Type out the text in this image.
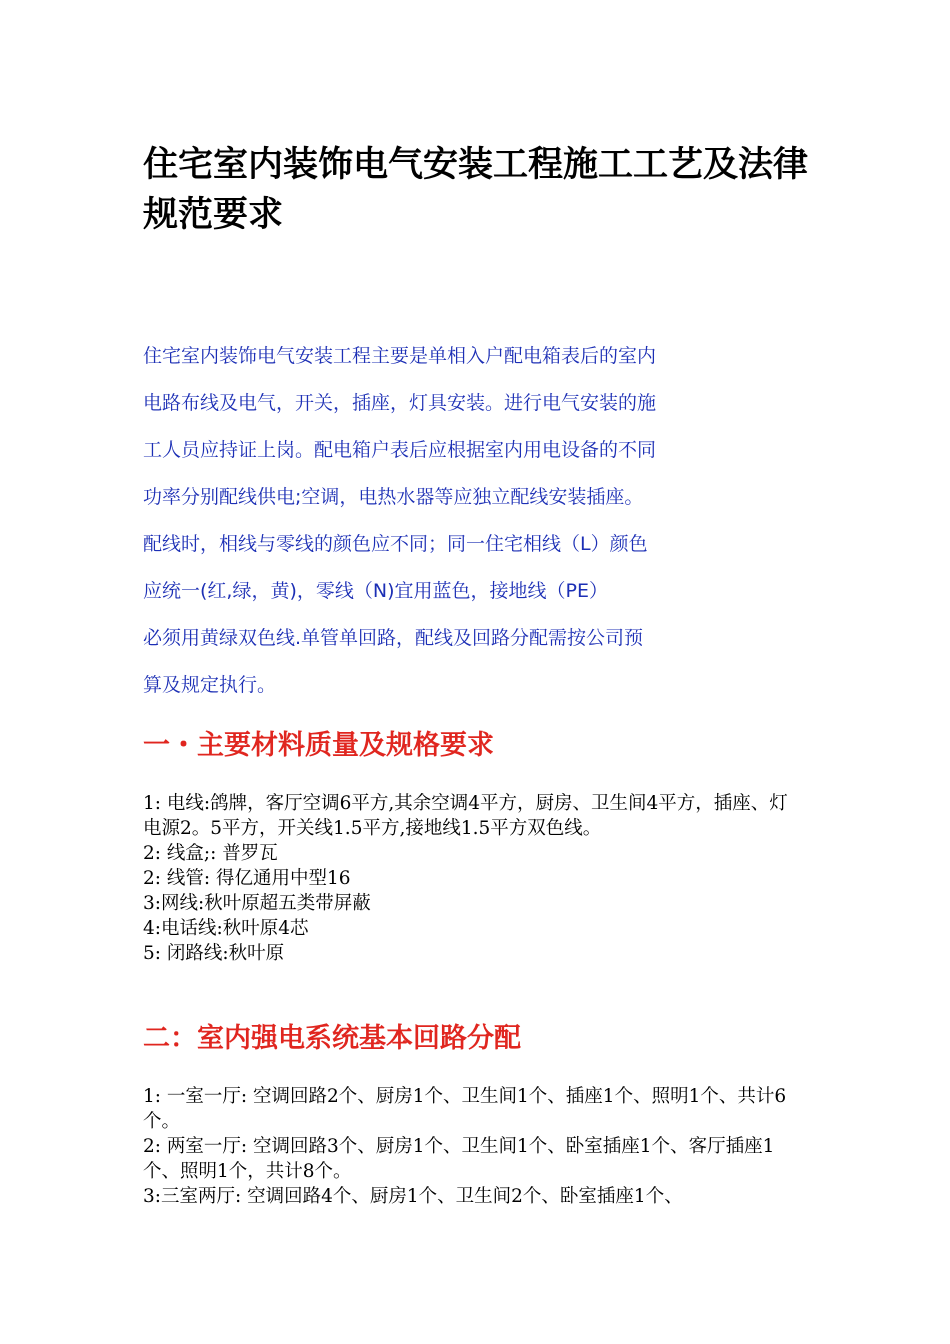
住宅室内装饰电气安装工程施工工艺及法律规范要求
住宅室内装饰电气安装工程主要是单相入户配电箱表后的室内
电路布线及电气，开关，插座，灯具安装。进行电气安装的施
工人员应持证上岗。配电箱户表后应根据室内用电设备的不同
功率分别配线供电;空调，电热水器等应独立配线安装插座。
配线时，相线与零线的颜色应不同；同一住宅相线（L）颜色
应统一(红,绿，黄)，零线（N)宜用蓝色，接地线（PE）
必须用黄绿双色线.单管单回路，配线及回路分配需按公司预
算及规定执行。
一・主要材料质量及规格要求
1: 电线:鸽牌，客厅空调6平方,其余空调4平方，厨房、卫生间4平方，插座、灯电源2。5平方，开关线1.5平方,接地线1.5平方双色线。
2: 线盒;: 普罗瓦
2: 线管: 得亿通用中型16
3:网线:秋叶原超五类带屏蔽
4:电话线:秋叶原4芯
5: 闭路线:秋叶原
二：室内强电系统基本回路分配
1: 一室一厅: 空调回路2个、厨房1个、卫生间1个、插座1个、照明1个、共计6个。
2: 两室一厅: 空调回路3个、厨房1个、卫生间1个、卧室插座1个、客厅插座1个、照明1个，共计8个。
3:三室两厅: 空调回路4个、厨房1个、卫生间2个、卧室插座1个、
